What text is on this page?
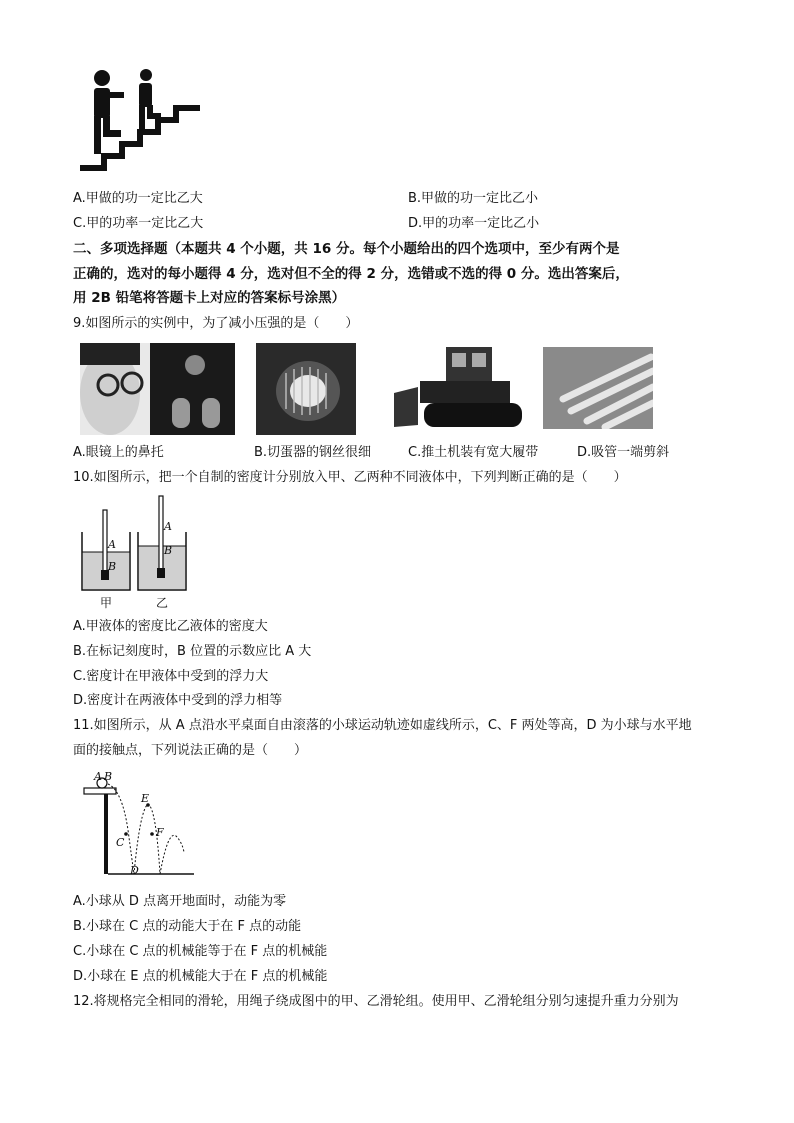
A.甲做的功一定比乙大	B.甲做的功一定比乙小
C.甲的功率一定比乙大	D.甲的功率一定比乙小
二、多项选择题（本题共 4 个小题，共 16 分。每个小题给出的四个选项中，至少有两个是
正确的，选对的每小题得 4 分，选对但不全的得 2 分，选错或不选的得 0 分。选出答案后，
用 2B 铅笔将答题卡上对应的答案标号涂黑）
9.如图所示的实例中，为了减小压强的是（　　）
A.眼镜上的鼻托	B.切蛋器的钢丝很细	C.推土机装有宽大履带	D.吸管一端剪斜
10.如图所示，把一个自制的密度计分别放入甲、乙两种不同液体中，下列判断正确的是（　　）
A
B
A
B
甲	乙
A.甲液体的密度比乙液体的密度大
B.在标记刻度时，B 位置的示数应比 A 大
C.密度计在甲液体中受到的浮力大
D.密度计在两液体中受到的浮力相等
11.如图所示，从 A 点沿水平桌面自由滚落的小球运动轨迹如虚线所示，C、F 两处等高，D 为小球与水平地
面的接触点，下列说法正确的是（　　）
A B
C
D
E
F
A.小球从 D 点离开地面时，动能为零
B.小球在 C 点的动能大于在 F 点的动能
C.小球在 C 点的机械能等于在 F 点的机械能
D.小球在 E 点的机械能大于在 F 点的机械能
12.将规格完全相同的滑轮，用绳子绕成图中的甲、乙滑轮组。使用甲、乙滑轮组分别匀速提升重力分别为
